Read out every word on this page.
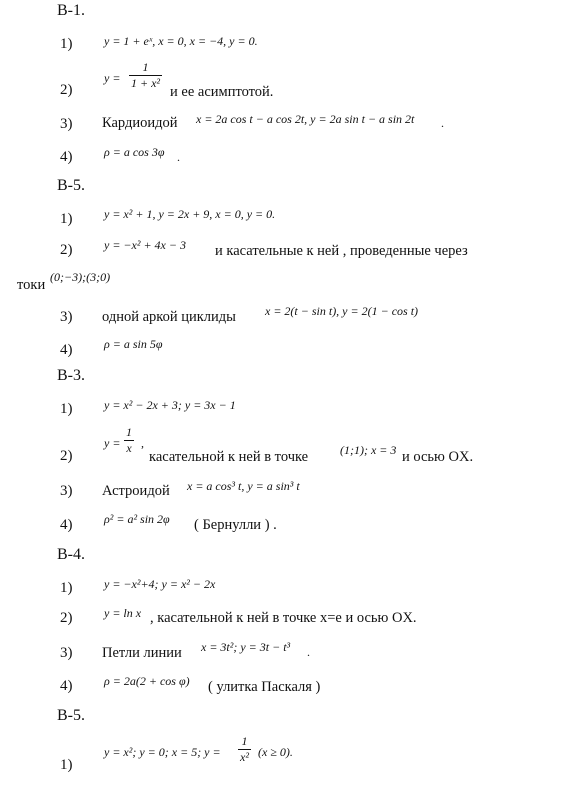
В-1.
1)	y = 1 + eˣ, x = 0, x = −4, y = 0.
2)
$y = \frac{1}{\text{1 + x²}}$
и ее асимптотой.
3) Кардиоидой x = 2a cos t − a cos 2t, y = 2a sin t − a sin 2t .
4)	ρ = a cos 3φ .
В-5.
1)	y = x² + 1, y = 2x + 9, x = 0, y = 0.
2)	y = −x² + 4x − 3 и касательные к ней , проведенные через
токи (0;−3);(3;0)
3) одной аркой циклиды x = 2(t − sin t), y = 2(1 − cos t)
4)	ρ = a sin 5φ
В-3.
1)	y = x² − 2x + 3; y = 3x − 1
2)
$y = \frac{1}{x}$ ,
касательной к ней в точке	(1;1); x = 3 и осью OX.
3) Астроидой x = a cos³ t, y = a sin³ t
4)	ρ² = a² sin 2φ ( Бернулли ) .
В-4.
1)	y = −x²+4; y = x² − 2x
2)	y = ln x , касательной к ней в точке x=e и осью OX.
3) Петли линии x = 3t²; y = 3t − t³ .
4)	ρ = 2a(2 + cos φ) ( улитка Паскаля )
В-5.
1)
y = x²; y = 0; x = 5; $y = \frac{1}{\text{x²}} (x \ge 0)$.
